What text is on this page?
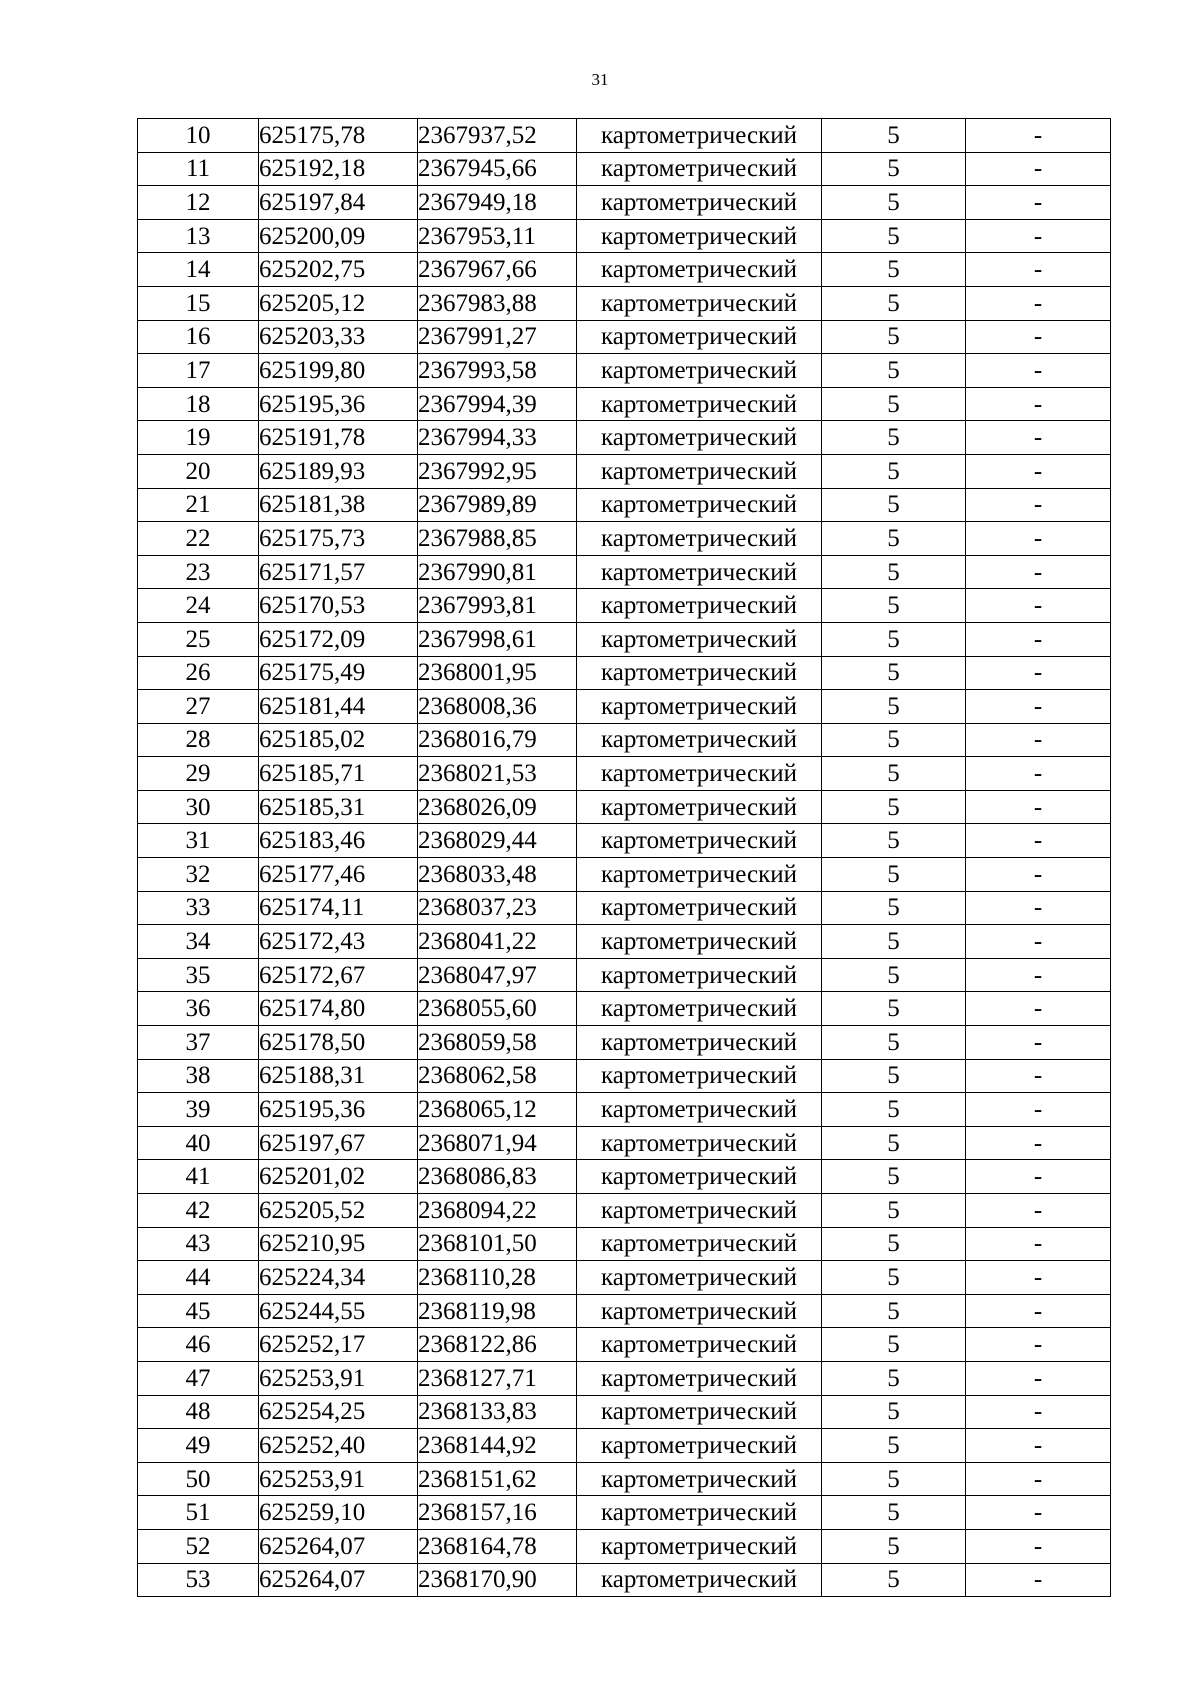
31
10	625175,78	2367937,52	картометрический	5	-
11	625192,18	2367945,66	картометрический	5	-
12	625197,84	2367949,18	картометрический	5	-
13	625200,09	2367953,11	картометрический	5	-
14	625202,75	2367967,66	картометрический	5	-
15	625205,12	2367983,88	картометрический	5	-
16	625203,33	2367991,27	картометрический	5	-
17	625199,80	2367993,58	картометрический	5	-
18	625195,36	2367994,39	картометрический	5	-
19	625191,78	2367994,33	картометрический	5	-
20	625189,93	2367992,95	картометрический	5	-
21	625181,38	2367989,89	картометрический	5	-
22	625175,73	2367988,85	картометрический	5	-
23	625171,57	2367990,81	картометрический	5	-
24	625170,53	2367993,81	картометрический	5	-
25	625172,09	2367998,61	картометрический	5	-
26	625175,49	2368001,95	картометрический	5	-
27	625181,44	2368008,36	картометрический	5	-
28	625185,02	2368016,79	картометрический	5	-
29	625185,71	2368021,53	картометрический	5	-
30	625185,31	2368026,09	картометрический	5	-
31	625183,46	2368029,44	картометрический	5	-
32	625177,46	2368033,48	картометрический	5	-
33	625174,11	2368037,23	картометрический	5	-
34	625172,43	2368041,22	картометрический	5	-
35	625172,67	2368047,97	картометрический	5	-
36	625174,80	2368055,60	картометрический	5	-
37	625178,50	2368059,58	картометрический	5	-
38	625188,31	2368062,58	картометрический	5	-
39	625195,36	2368065,12	картометрический	5	-
40	625197,67	2368071,94	картометрический	5	-
41	625201,02	2368086,83	картометрический	5	-
42	625205,52	2368094,22	картометрический	5	-
43	625210,95	2368101,50	картометрический	5	-
44	625224,34	2368110,28	картометрический	5	-
45	625244,55	2368119,98	картометрический	5	-
46	625252,17	2368122,86	картометрический	5	-
47	625253,91	2368127,71	картометрический	5	-
48	625254,25	2368133,83	картометрический	5	-
49	625252,40	2368144,92	картометрический	5	-
50	625253,91	2368151,62	картометрический	5	-
51	625259,10	2368157,16	картометрический	5	-
52	625264,07	2368164,78	картометрический	5	-
53	625264,07	2368170,90	картометрический	5	-
